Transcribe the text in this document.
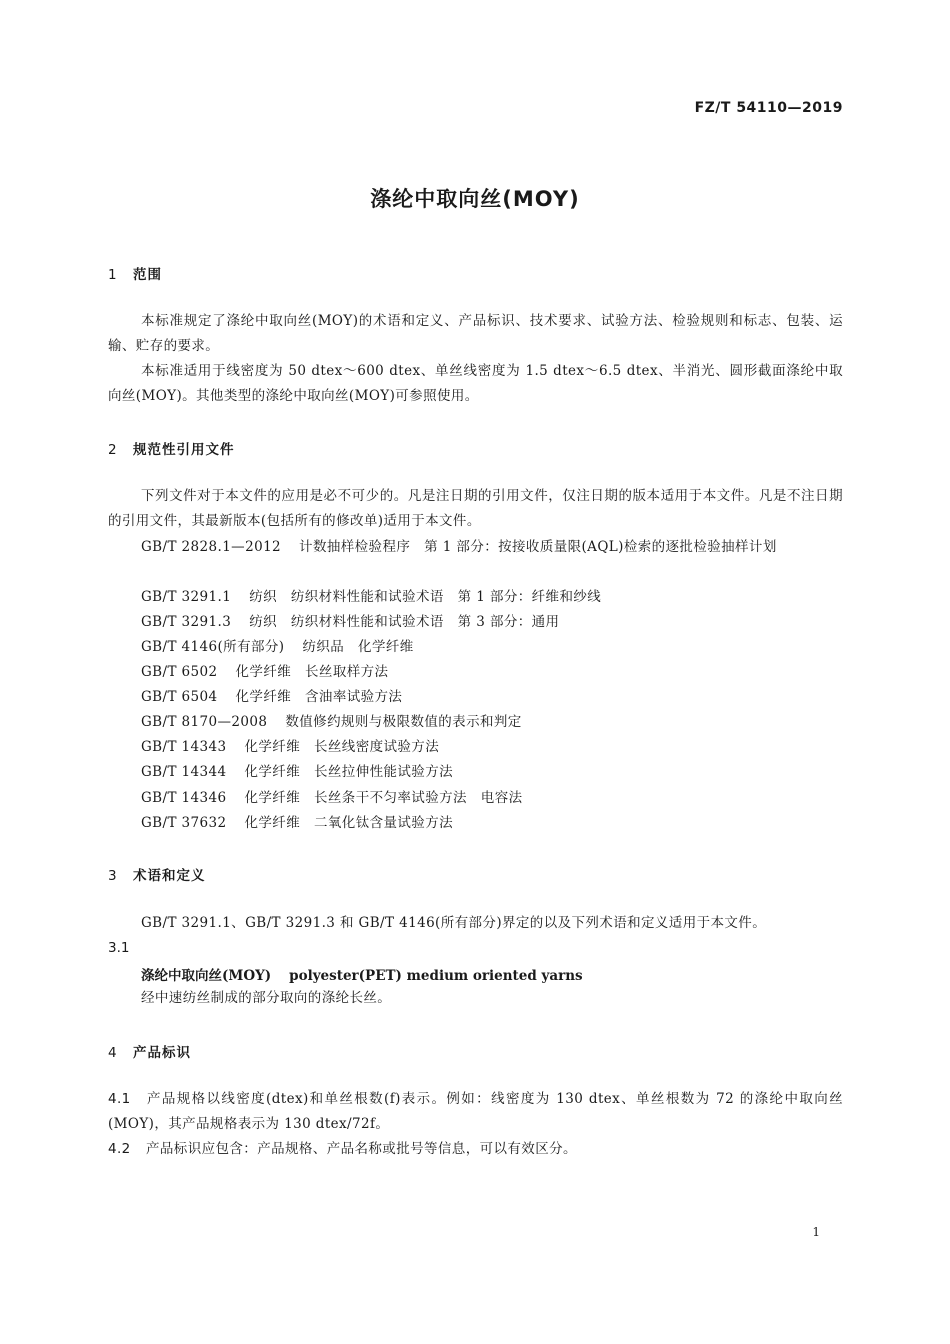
FZ/T 54110—2019
涤纶中取向丝(MOY)
1 范围
本标准规定了涤纶中取向丝(MOY)的术语和定义、产品标识、技术要求、试验方法、检验规则和标志、包装、运输、贮存的要求。
本标准适用于线密度为 50 dtex～600 dtex、单丝线密度为 1.5 dtex～6.5 dtex、半消光、圆形截面涤纶中取向丝(MOY)。其他类型的涤纶中取向丝(MOY)可参照使用。
2 规范性引用文件
下列文件对于本文件的应用是必不可少的。凡是注日期的引用文件，仅注日期的版本适用于本文件。凡是不注日期的引用文件，其最新版本(包括所有的修改单)适用于本文件。
GB/T 2828.1—2012 计数抽样检验程序　第 1 部分：按接收质量限(AQL)检索的逐批检验抽样计划
GB/T 3291.1 纺织　纺织材料性能和试验术语　第 1 部分：纤维和纱线
GB/T 3291.3 纺织　纺织材料性能和试验术语　第 3 部分：通用
GB/T 4146(所有部分) 纺织品　化学纤维
GB/T 6502 化学纤维　长丝取样方法
GB/T 6504 化学纤维　含油率试验方法
GB/T 8170—2008 数值修约规则与极限数值的表示和判定
GB/T 14343 化学纤维　长丝线密度试验方法
GB/T 14344 化学纤维　长丝拉伸性能试验方法
GB/T 14346 化学纤维　长丝条干不匀率试验方法　电容法
GB/T 37632 化学纤维　二氧化钛含量试验方法
3 术语和定义
GB/T 3291.1、GB/T 3291.3 和 GB/T 4146(所有部分)界定的以及下列术语和定义适用于本文件。
3.1
涤纶中取向丝(MOY) polyester(PET) medium oriented yarns
经中速纺丝制成的部分取向的涤纶长丝。
4 产品标识
4.1 产品规格以线密度(dtex)和单丝根数(f)表示。例如：线密度为 130 dtex、单丝根数为 72 的涤纶中取向丝(MOY)，其产品规格表示为 130 dtex/72f。
4.2 产品标识应包含：产品规格、产品名称或批号等信息，可以有效区分。
1
